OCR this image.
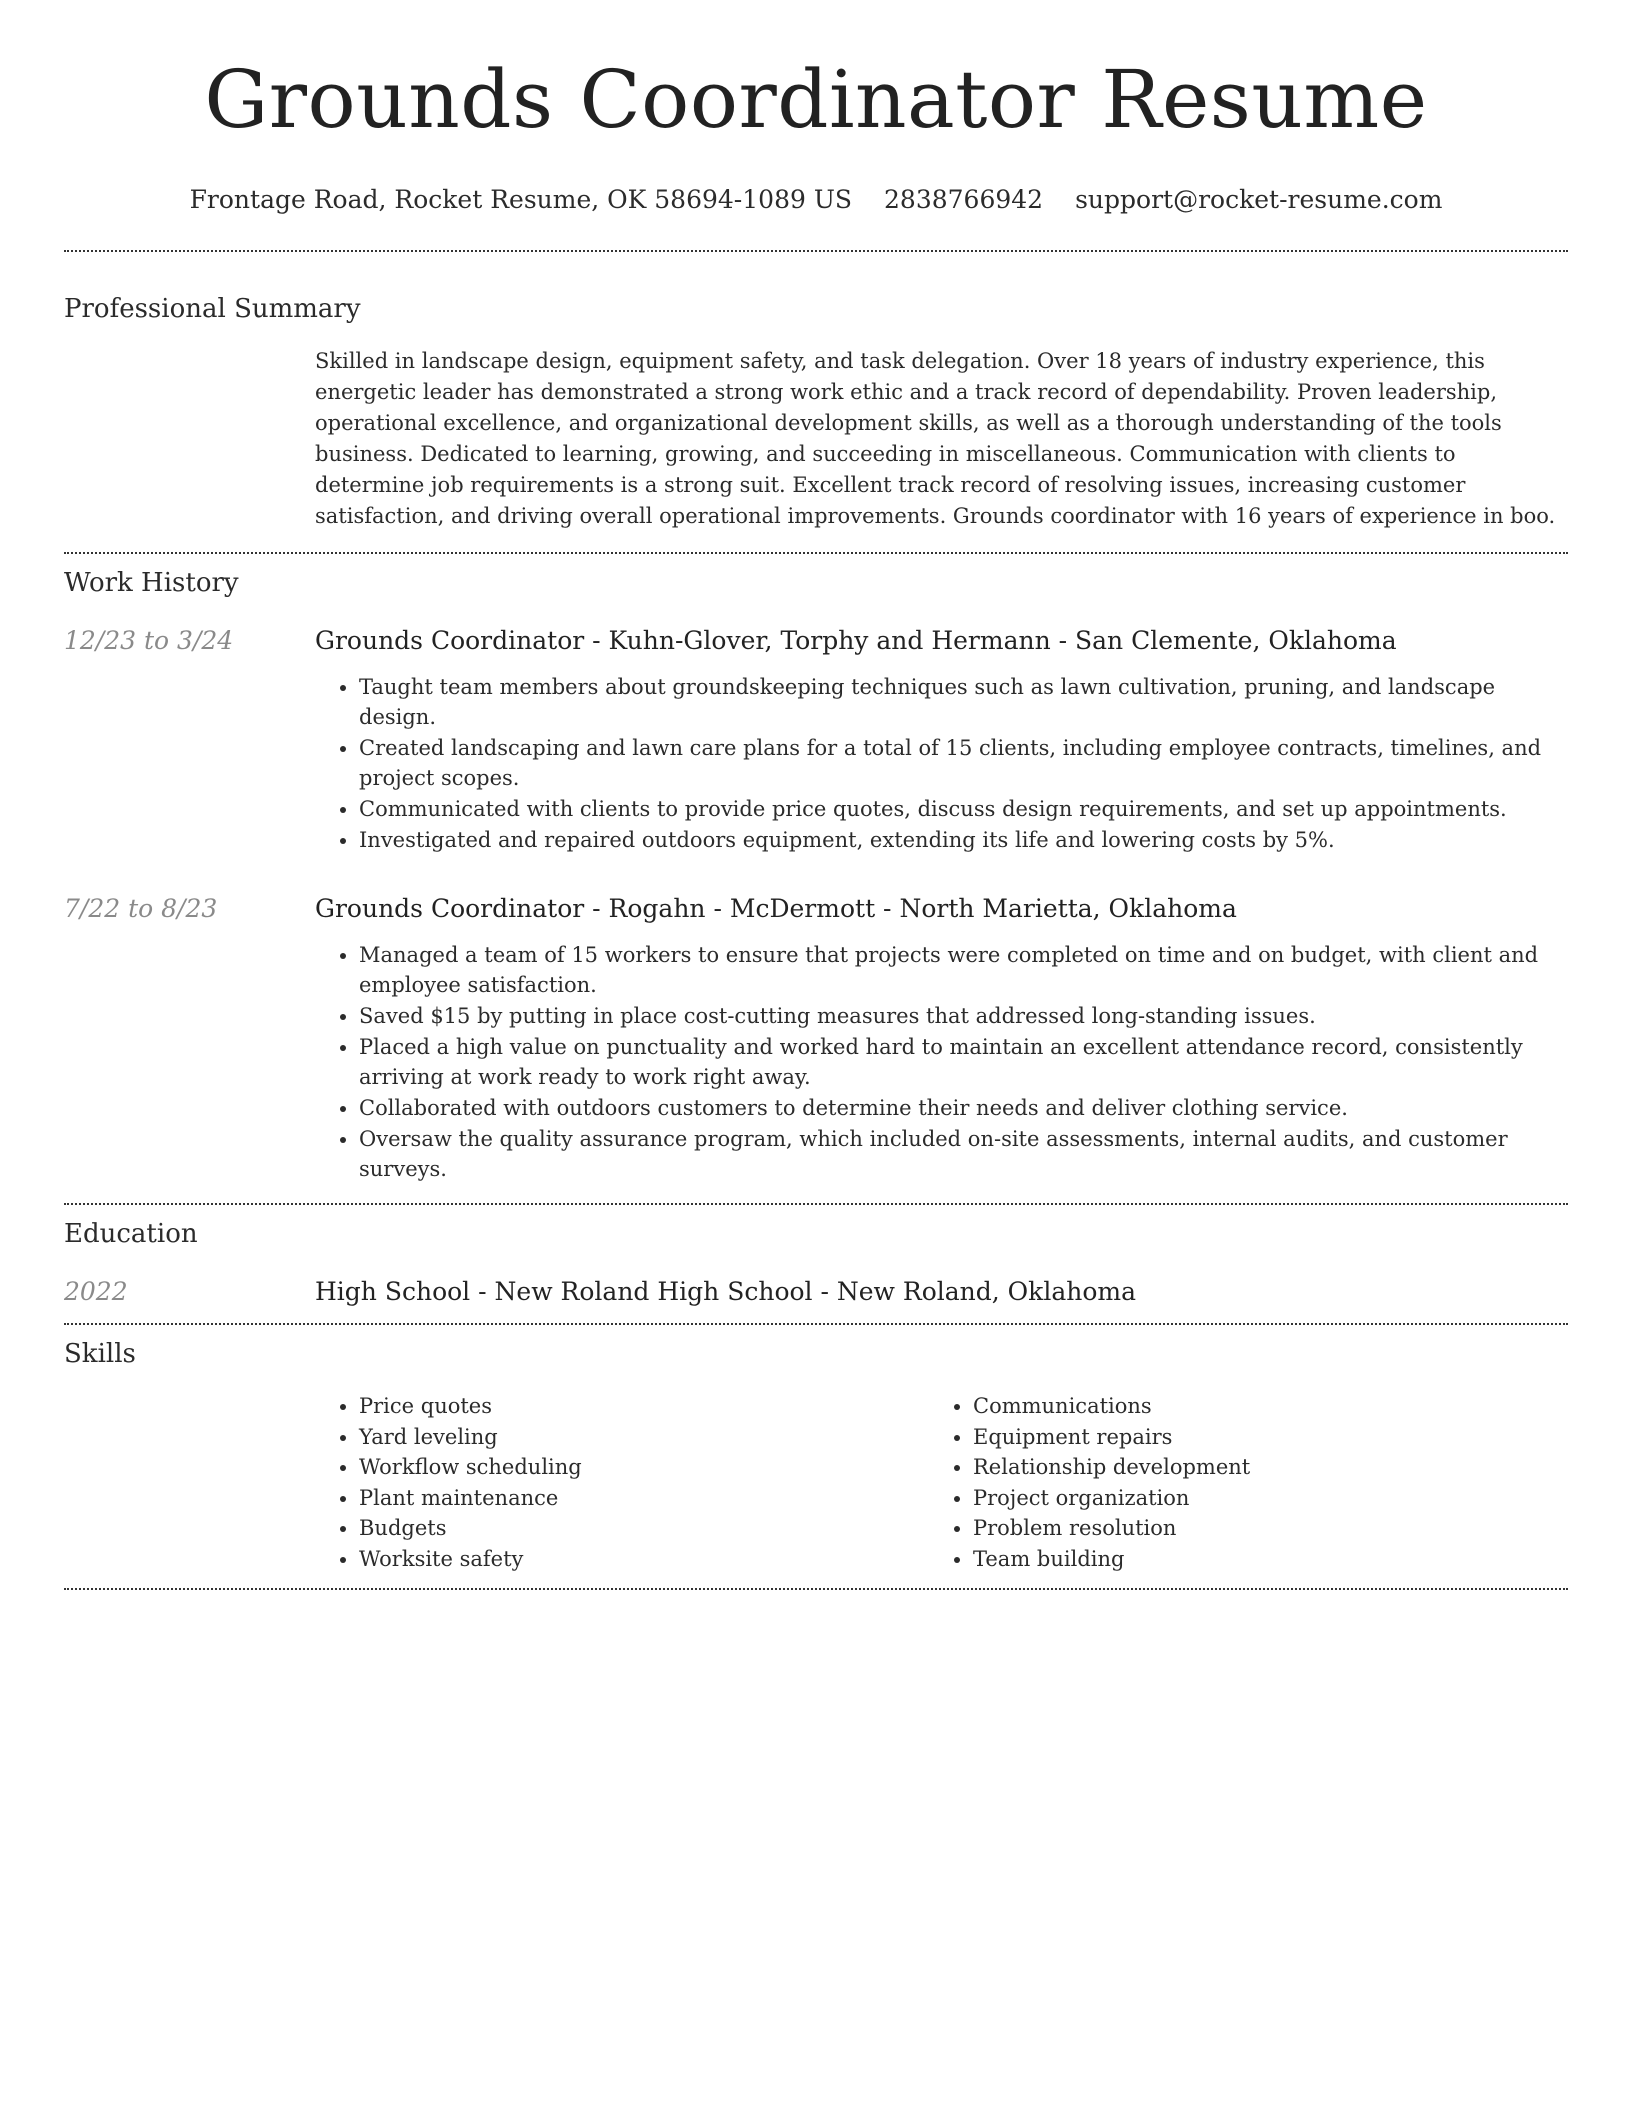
Grounds Coordinator Resume
Frontage Road, Rocket Resume, OK 58694-1089 US 2838766942 support@rocket-resume.com
Professional Summary

Skilled in landscape design, equipment safety, and task delegation. Over 18 years of industry experience, this energetic leader has demonstrated a strong work ethic and a track record of dependability. Proven leadership, operational excellence, and organizational development skills, as well as a thorough understanding of the tools business. Dedicated to learning, growing, and succeeding in miscellaneous. Communication with clients to determine job requirements is a strong suit. Excellent track record of resolving issues, increasing customer satisfaction, and driving overall operational improvements. Grounds coordinator with 16 years of experience in boo.

Work History
12/23 to 3/24	Grounds Coordinator - Kuhn-Glover, Torphy and Hermann - San Clemente, Oklahoma
• Taught team members about groundskeeping techniques such as lawn cultivation, pruning, and landscape design.
• Created landscaping and lawn care plans for a total of 15 clients, including employee contracts, timelines, and project scopes.
• Communicated with clients to provide price quotes, discuss design requirements, and set up appointments.
• Investigated and repaired outdoors equipment, extending its life and lowering costs by 5%.
7/22 to 8/23	Grounds Coordinator - Rogahn - McDermott - North Marietta, Oklahoma
• Managed a team of 15 workers to ensure that projects were completed on time and on budget, with client and employee satisfaction.
• Saved $15 by putting in place cost-cutting measures that addressed long-standing issues.
• Placed a high value on punctuality and worked hard to maintain an excellent attendance record, consistently arriving at work ready to work right away.
• Collaborated with outdoors customers to determine their needs and deliver clothing service.
• Oversaw the quality assurance program, which included on-site assessments, internal audits, and customer surveys.
Education
2022	High School - New Roland High School - New Roland, Oklahoma
Skills
• Price quotes
• Yard leveling
• Workflow scheduling
• Plant maintenance
• Budgets
• Worksite safety
• Communications
• Equipment repairs
• Relationship development
• Project organization
• Problem resolution
• Team building
